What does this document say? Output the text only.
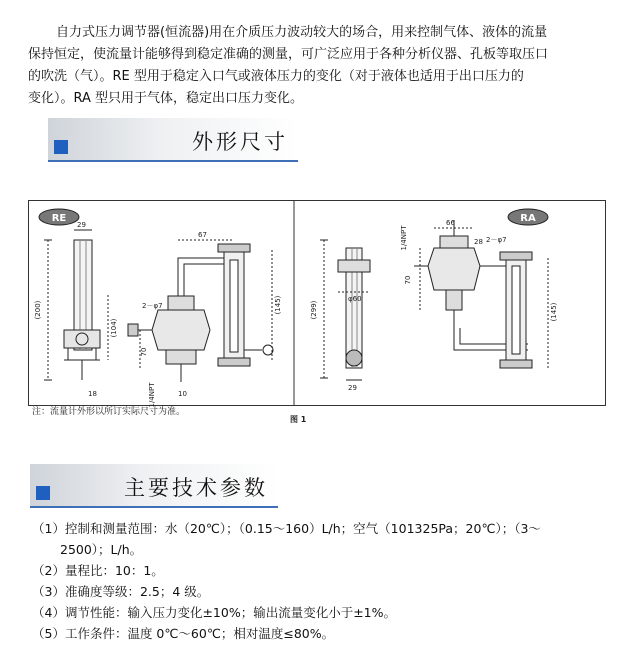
自力式压力调节器(恒流器)用在介质压力波动较大的场合，用来控制气体、液体的流量
保持恒定，使流量计能够得到稳定准确的测量，可广泛应用于各种分析仪器、孔板等取压口
的吹洗（气）。RE 型用于稳定入口气或液体压力的变化（对于液体也适用于出口压力的
变化）。RA 型只用于气体，稳定出口压力变化。
外形尺寸
RE
29
67
2－φ7
(200)	(145)
(104)
70
1/4NPT
18	10
RA
66
28 2－φ7
1/4NPT
70
φ60
(299)	(145)
29
注：流量计外形以所订实际尺寸为准。
图 1
主要技术参数
（1）控制和测量范围：水（20℃）；（0.15～160）L/h；空气（101325Pa；20℃）；（3～
2500）；L/h。
（2）量程比：10：1。
（3）准确度等级：2.5；4 级。
（4）调节性能：输入压力变化±10%；输出流量变化小于±1%。
（5）工作条件：温度 0℃～60℃；相对温度≤80%。
